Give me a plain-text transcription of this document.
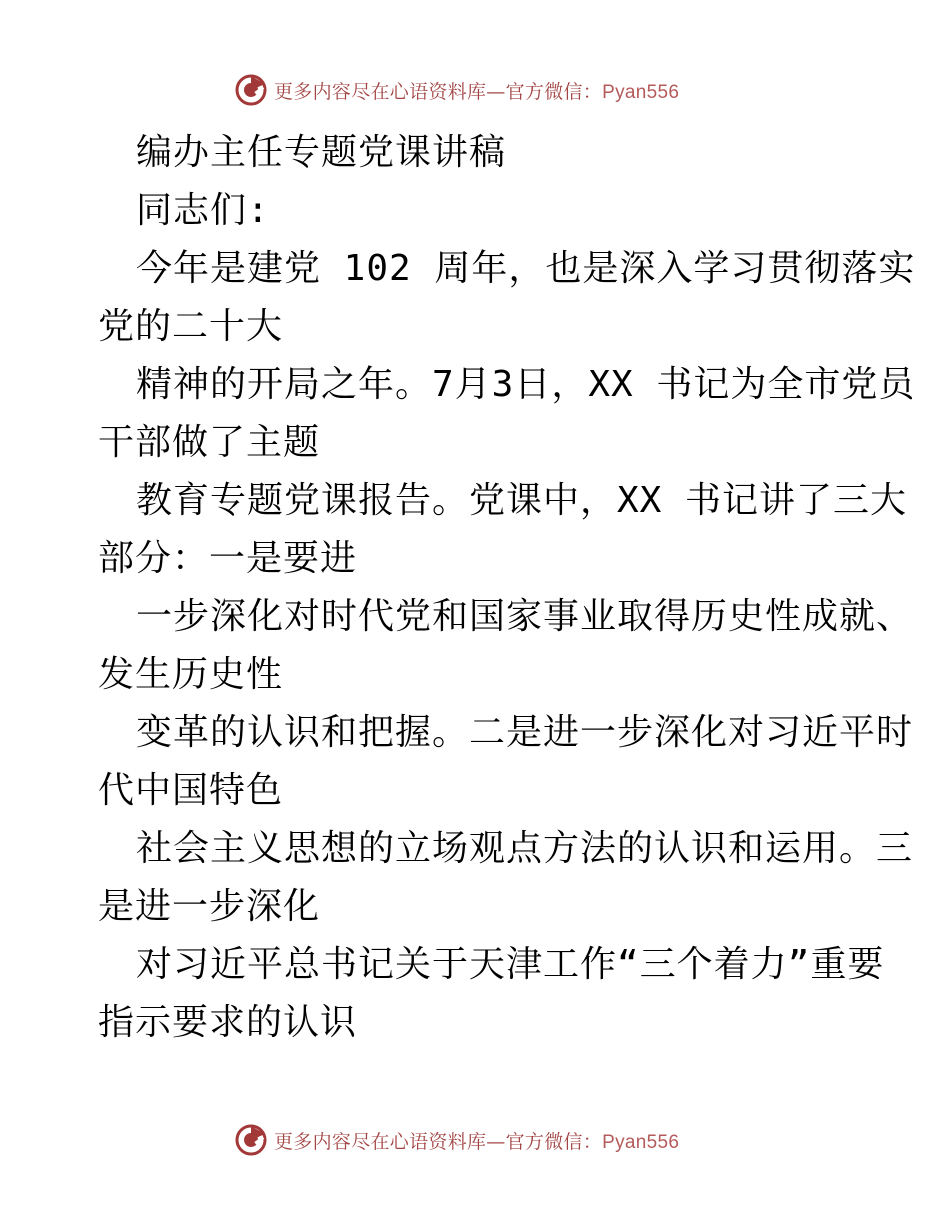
更多内容尽在心语资料库—官方微信：Pyan556
编办主任专题党课讲稿
同志们:
今年是建党 102 周年，也是深入学习贯彻落实
党的二十大
精神的开局之年。7月3日，XX 书记为全市党员
干部做了主题
教育专题党课报告。党课中，XX 书记讲了三大
部分：一是要进
一步深化对时代党和国家事业取得历史性成就、
发生历史性
变革的认识和把握。二是进一步深化对习近平时
代中国特色
社会主义思想的立场观点方法的认识和运用。三
是进一步深化
对习近平总书记关于天津工作“三个着力”重要
指示要求的认识
更多内容尽在心语资料库—官方微信：Pyan556
